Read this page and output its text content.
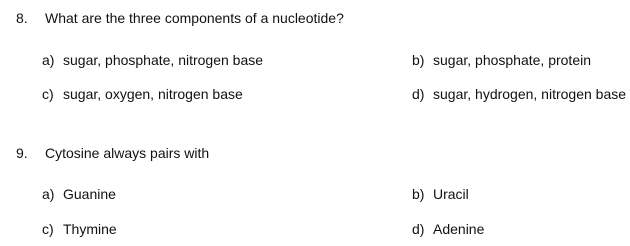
8. What are the three components of a nucleotide?
a) sugar, phosphate, nitrogen base	b) sugar, phosphate, protein
c) sugar, oxygen, nitrogen base	d) sugar, hydrogen, nitrogen base
9. Cytosine always pairs with
a) Guanine	b) Uracil
c) Thymine	d) Adenine
